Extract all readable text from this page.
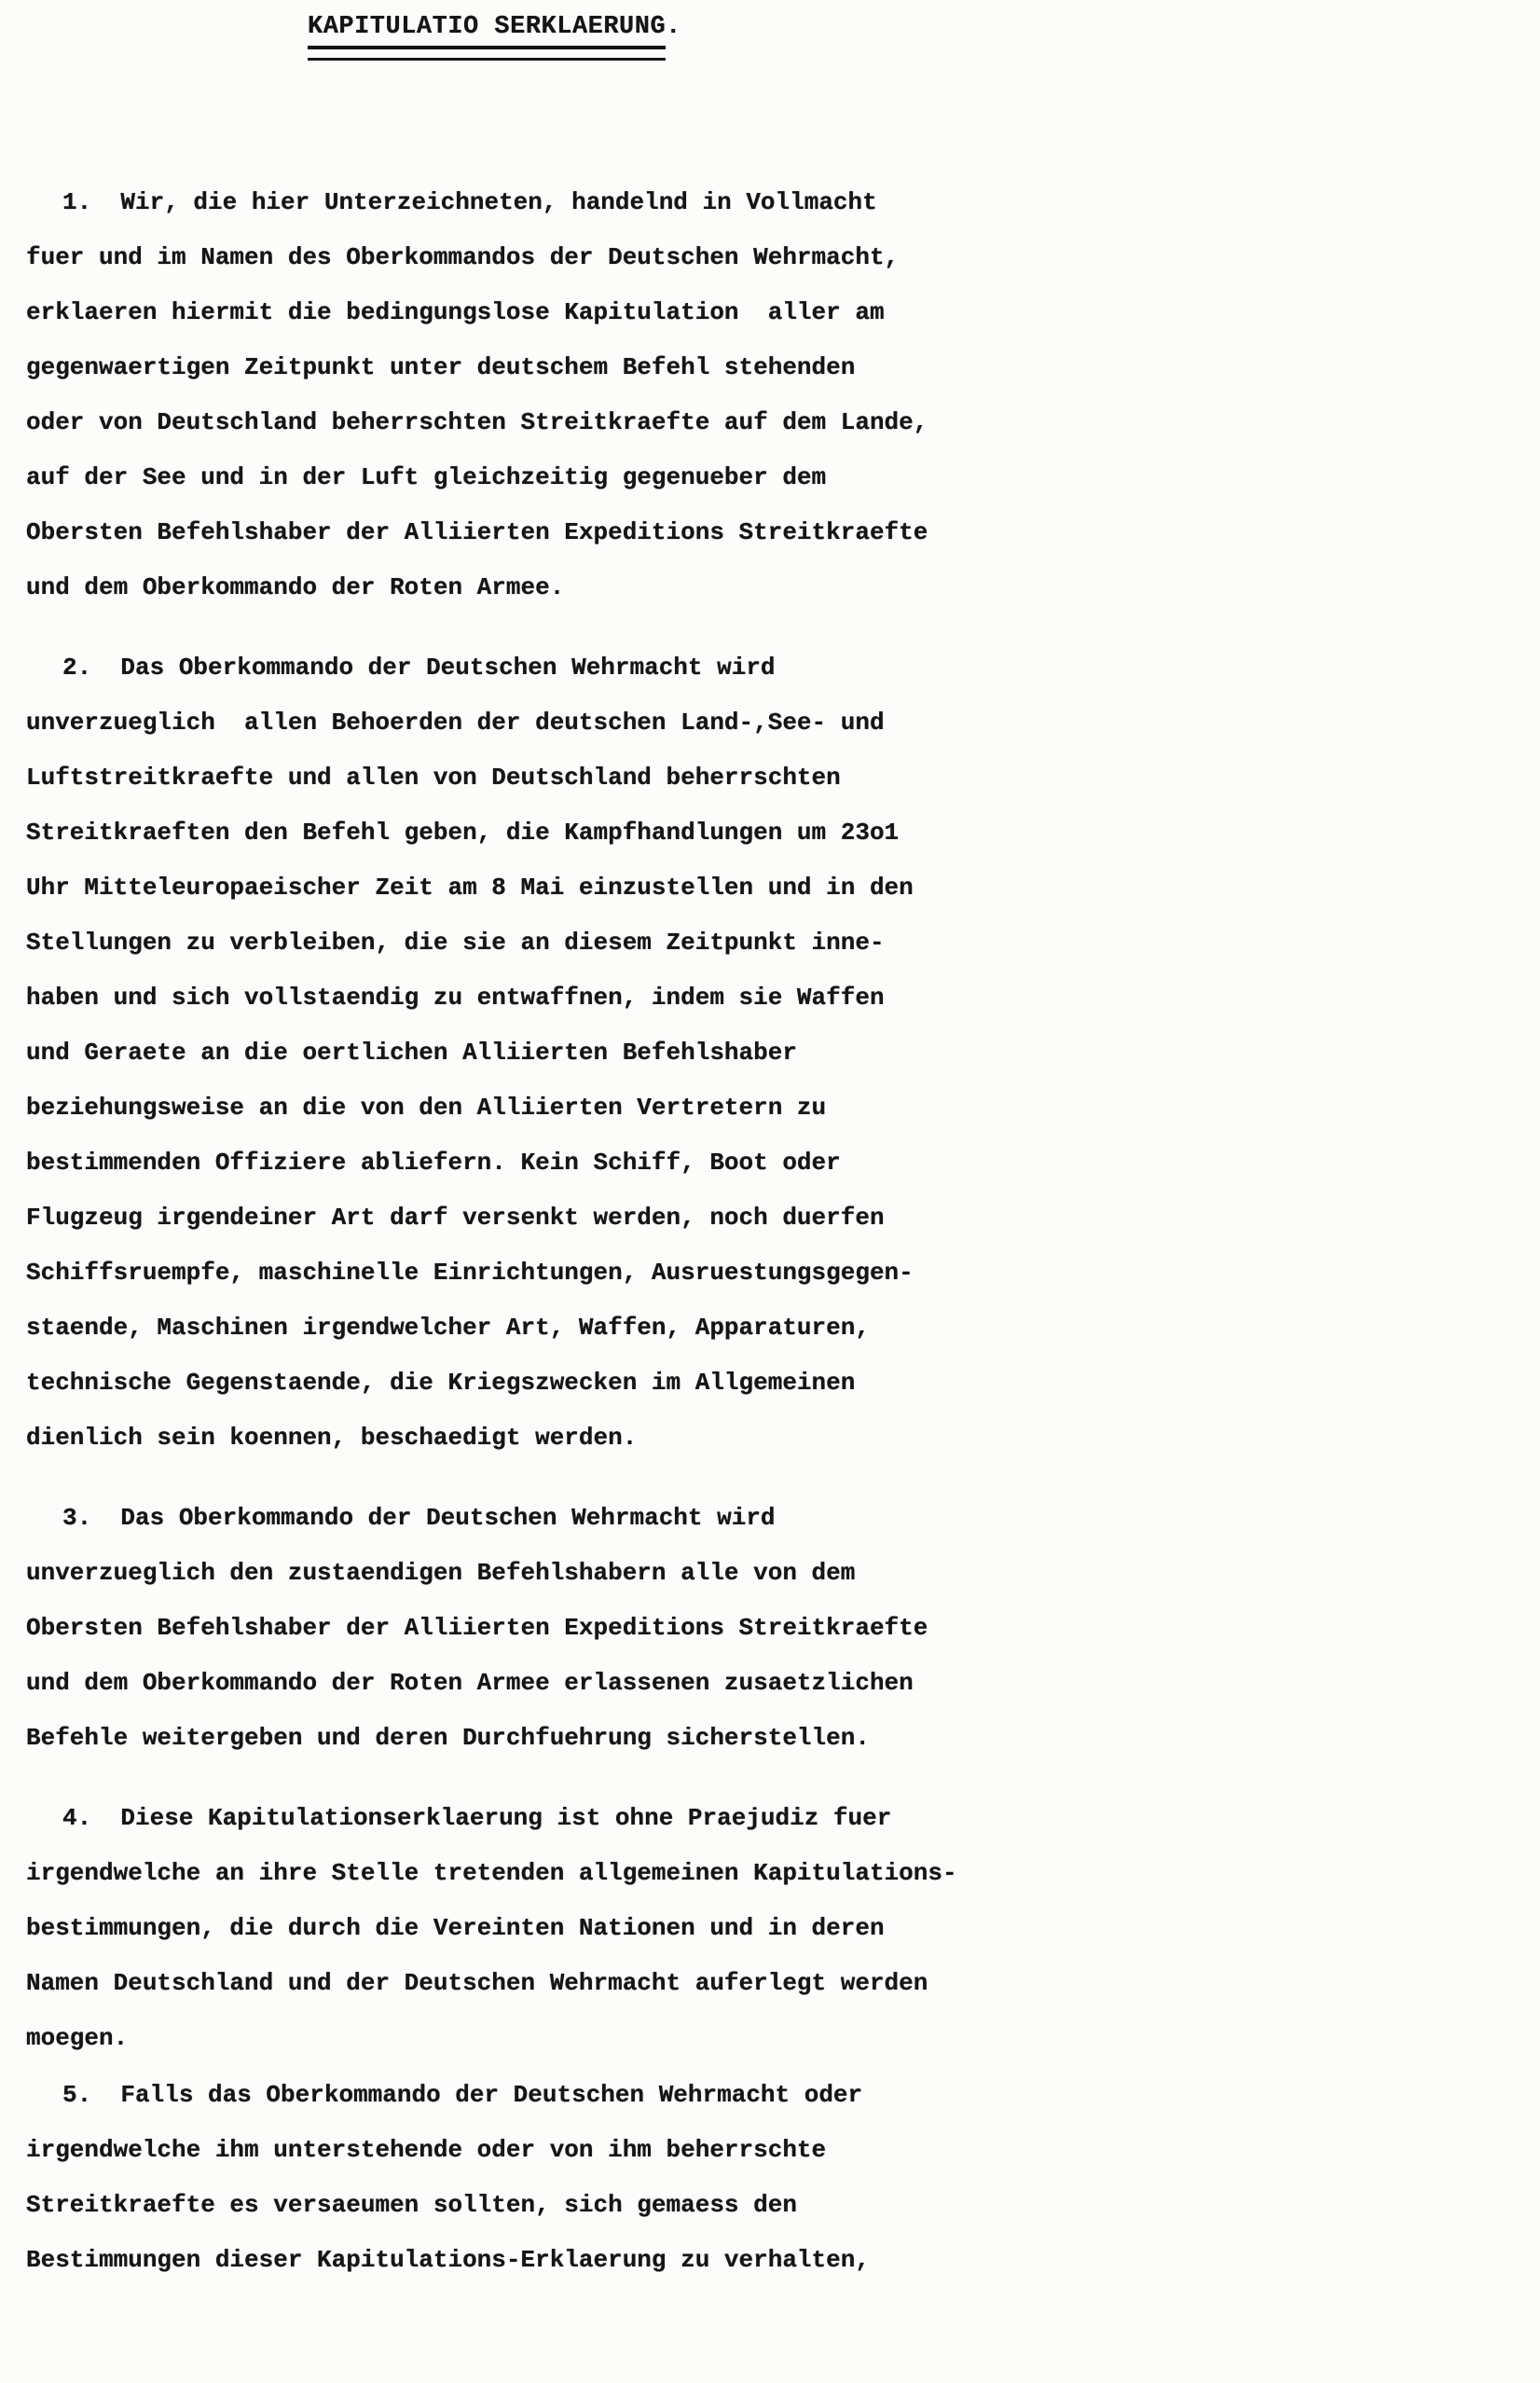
KAPITULATIO SERKLAERUNG.
1.  Wir, die hier Unterzeichneten, handelnd in Vollmacht
fuer und im Namen des Oberkommandos der Deutschen Wehrmacht,
erklaeren hiermit die bedingungslose Kapitulation  aller am
gegenwaertigen Zeitpunkt unter deutschem Befehl stehenden
oder von Deutschland beherrschten Streitkraefte auf dem Lande,
auf der See und in der Luft gleichzeitig gegenueber dem
Obersten Befehlshaber der Alliierten Expeditions Streitkraefte
und dem Oberkommando der Roten Armee.
2.  Das Oberkommando der Deutschen Wehrmacht wird
unverzueglich  allen Behoerden der deutschen Land-,See- und
Luftstreitkraefte und allen von Deutschland beherrschten
Streitkraeften den Befehl geben, die Kampfhandlungen um 23o1
Uhr Mitteleuropaeischer Zeit am 8 Mai einzustellen und in den
Stellungen zu verbleiben, die sie an diesem Zeitpunkt inne-
haben und sich vollstaendig zu entwaffnen, indem sie Waffen
und Geraete an die oertlichen Alliierten Befehlshaber
beziehungsweise an die von den Alliierten Vertretern zu
bestimmenden Offiziere abliefern. Kein Schiff, Boot oder
Flugzeug irgendeiner Art darf versenkt werden, noch duerfen
Schiffsruempfe, maschinelle Einrichtungen, Ausruestungsgegen-
staende, Maschinen irgendwelcher Art, Waffen, Apparaturen,
technische Gegenstaende, die Kriegszwecken im Allgemeinen
dienlich sein koennen, beschaedigt werden.
3.  Das Oberkommando der Deutschen Wehrmacht wird
unverzueglich den zustaendigen Befehlshabern alle von dem
Obersten Befehlshaber der Alliierten Expeditions Streitkraefte
und dem Oberkommando der Roten Armee erlassenen zusaetzlichen
Befehle weitergeben und deren Durchfuehrung sicherstellen.
4.  Diese Kapitulationserklaerung ist ohne Praejudiz fuer
irgendwelche an ihre Stelle tretenden allgemeinen Kapitulations-
bestimmungen, die durch die Vereinten Nationen und in deren
Namen Deutschland und der Deutschen Wehrmacht auferlegt werden
moegen.
5.  Falls das Oberkommando der Deutschen Wehrmacht oder
irgendwelche ihm unterstehende oder von ihm beherrschte
Streitkraefte es versaeumen sollten, sich gemaess den
Bestimmungen dieser Kapitulations-Erklaerung zu verhalten,
